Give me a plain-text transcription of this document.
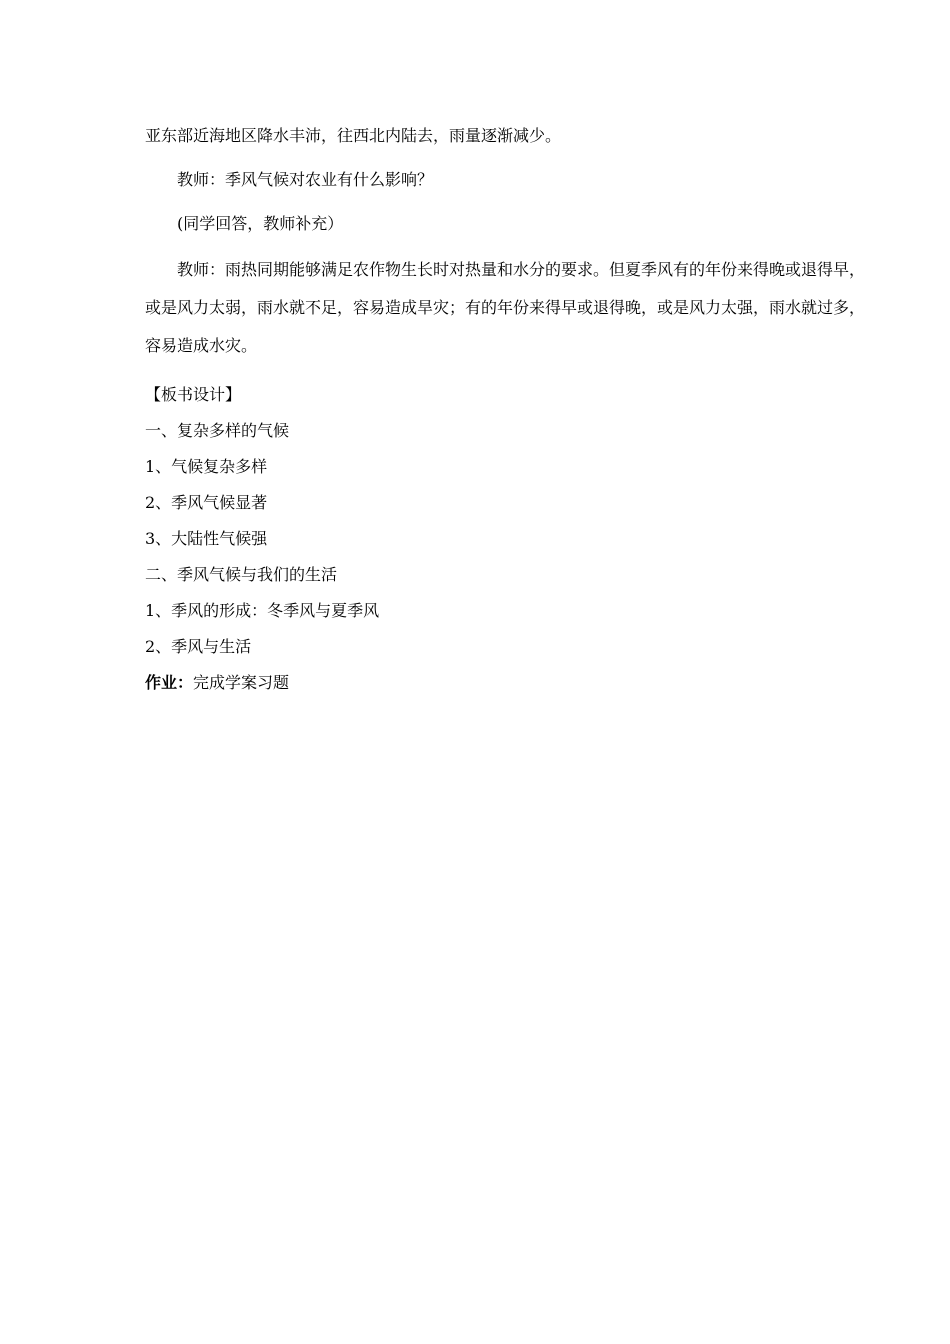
亚东部近海地区降水丰沛，往西北内陆去，雨量逐渐减少。

教师：季风气候对农业有什么影响？

(同学回答，教师补充）

教师：雨热同期能够满足农作物生长时对热量和水分的要求。但夏季风有的年份来得晚或退得早，或是风力太弱，雨水就不足，容易造成旱灾；有的年份来得早或退得晚，或是风力太强，雨水就过多，容易造成水灾。

【板书设计】

一、复杂多样的气候

1、气候复杂多样

2、季风气候显著

3、大陆性气候强

二、季风气候与我们的生活

1、季风的形成：冬季风与夏季风

2、季风与生活

作业：完成学案习题
